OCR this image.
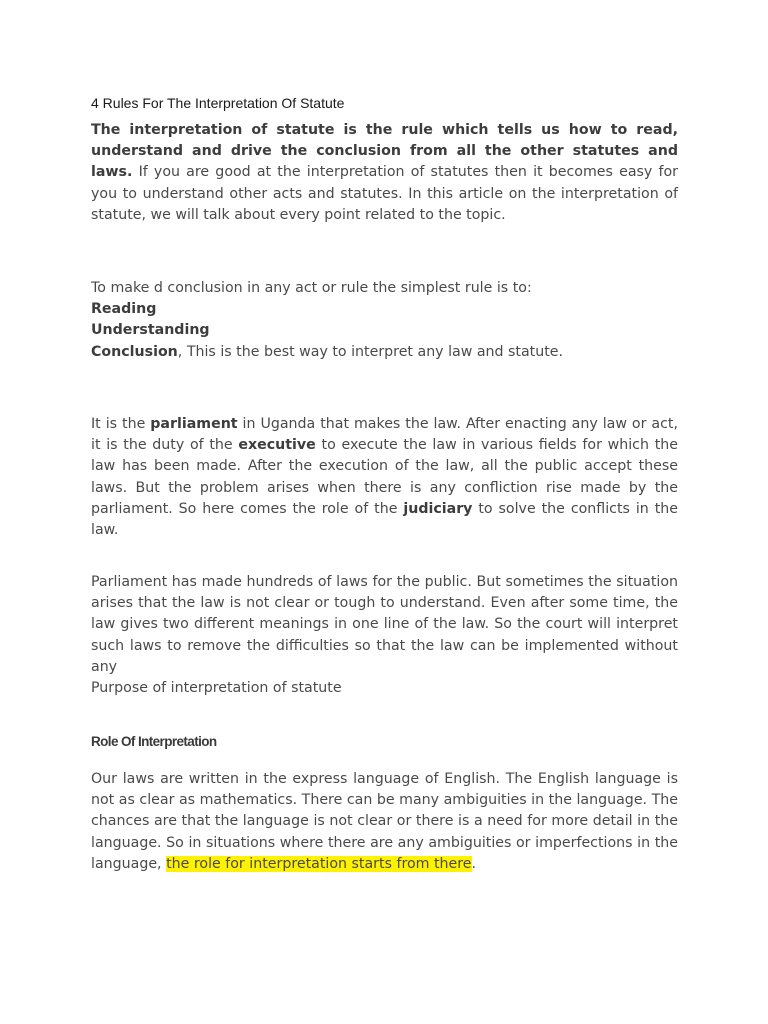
4 Rules For The Interpretation Of Statute

The interpretation of statute is the rule which tells us how to read, understand and drive the conclusion from all the other statutes and laws. If you are good at the interpretation of statutes then it becomes easy for you to understand other acts and statutes. In this article on the interpretation of statute, we will talk about every point related to the topic.

To make d conclusion in any act or rule the simplest rule is to:
Reading
Understanding
Conclusion, This is the best way to interpret any law and statute.

It is the parliament in Uganda that makes the law. After enacting any law or act, it is the duty of the executive to execute the law in various fields for which the law has been made. After the execution of the law, all the public accept these laws. But the problem arises when there is any confliction rise made by the parliament. So here comes the role of the judiciary to solve the conflicts in the law.

Parliament has made hundreds of laws for the public. But sometimes the situation arises that the law is not clear or tough to understand. Even after some time, the law gives two different meanings in one line of the law. So the court will interpret such laws to remove the difficulties so that the law can be implemented without any
Purpose of interpretation of statute

Role Of Interpretation

Our laws are written in the express language of English. The English language is not as clear as mathematics. There can be many ambiguities in the language. The chances are that the language is not clear or there is a need for more detail in the language. So in situations where there are any ambiguities or imperfections in the language, the role for interpretation starts from there.
